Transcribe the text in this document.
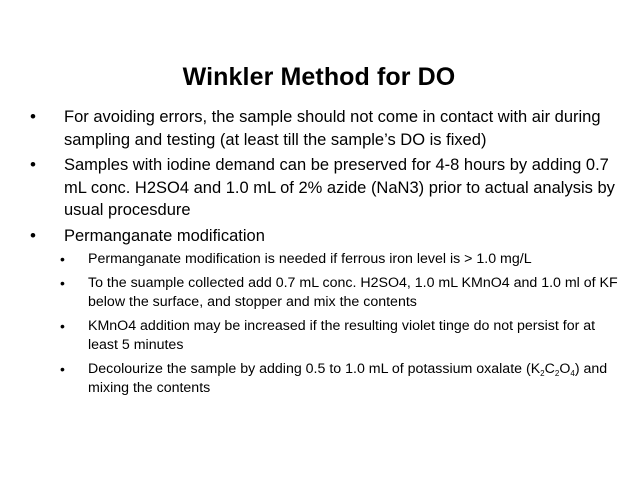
Winkler Method for DO
• For avoiding errors, the sample should not come in contact with air during sampling and testing (at least till the sample’s DO is fixed)
• Samples with iodine demand can be preserved for 4-8 hours by adding 0.7 mL conc. H2SO4 and 1.0 mL of 2% azide (NaN3) prior to actual analysis by usual procesdure
• Permanganate modification
• Permanganate modification is needed if ferrous iron level is > 1.0 mg/L
• To the suample collected add 0.7 mL conc. H2SO4, 1.0 mL KMnO4 and 1.0 ml of KF below the surface, and stopper and mix the contents
• KMnO4 addition may be increased if the resulting violet tinge do not persist for at least 5 minutes
• Decolourize the sample by adding 0.5 to 1.0 mL of potassium oxalate $(K_2C_2O_4)$ and mixing the contents
